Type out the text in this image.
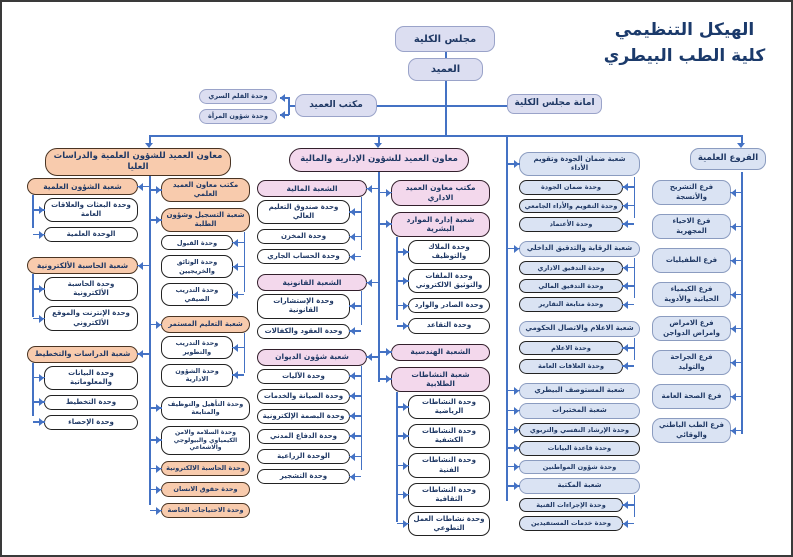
الهيكل التنظيمي
كلية الطب البيطري
مجلس الكلية
العميد
مكتب العميد	امانة مجلس الكلية
وحدة القلم السري
وحدة شؤون المرأة
معاون العميد للشؤون العلمية والدراسات العليا
معاون العميد للشؤون الإدارية والمالية	الفروع العلمية
شعبة الشؤون العلمية
وحدة البعثات والعلاقات العامة
الوحدة العلمية
شعبة الحاسبة الألكترونية
وحدة الحاسبة الألكترونية
وحدة الإنترنت والموقع الألكتروني
شعبة الدراسات والتخطيط
وحدة البيانات والمعلوماتية
وحدة التخطيط
وحدة الإحصاء
مكتب معاون العميد العلمي
شعبة التسجيل وشؤون الطلبة
وحدة القبول
وحدة الوثائق والخريجيين
وحدة التدريب الصيفي
شعبة التعليم المستمر
وحدة التدريب والتطوير
وحدة الشؤون الادارية
وحدة التأهيل والتوظيف والمتابعة
وحدة السلامة والامن الكيمياوي والبيولوجي والاشعاعي
وحدة الحاسبة الالكترونية
وحدة حقوق الانسان
وحدة الاحتياجات الخاصة
الشعبة المالية
وحدة صندوق التعليم العالي
وحدة المخزن
وحدة الحساب الجاري
الشعبة القانونية
وحدة الإستشارات القانونية
وحدة العقود والكفالات
شعبة شؤون الديوان
وحدة الآليات
وحدة الصيانة والخدمات
وحدة البصمة الإلكترونية
وحدة الدفاع المدني
الوحدة الزراعية
وحدة التشجير
مكتب معاون العميد الاداري
شعبة إدارة الموارد البشرية
وحدة الملاك والتوظيف
وحدة الملفات والتوثيق الالكتروني
وحدة الصادر والوارد
وحدة التقاعد
الشعبة الهندسية
شعبة النشاطات الطلابية
وحدة النشاطات الرياضية
وحدة النشاطات الكشفية
وحدة النشاطات الفنية
وحدة النشاطات الثقافية
وحدة نشاطات العمل التطوعي
شعبة ضمان الجودة وتقويم الأداء
وحدة ضمان الجودة
وحدة التقويم والأداء الجامعي
وحدة الأعتماد
شعبة الرقابة والتدقيق الداخلي
وحدة التدقيق الاداري
وحدة التدقيق المالي
وحدة متابعة التقارير
شعبة الاعلام والاتصال الحكومي
وحدة الاعلام
وحدة العلاقات العامة
شعبة المستوصف البيطري
شعبة المختبرات
وحدة الإرشاد النفسي والتربوي
وحدة قاعدة البيانات
وحدة شؤون المواطنين
شعبة المكتبة
وحدة الإجراءات الفنية
وحدة خدمات المستفيدين
فرع التشريح والأنسجة
فرع الاحياء المجهرية
فرع الطفيليات
فرع الكيمياء الحياتية والأدوية
فرع الامراض وامراض الدواجن
فرع الجراحة والتوليد
فرع الصحة العامة
فرع الطب الباطني والوقائي
